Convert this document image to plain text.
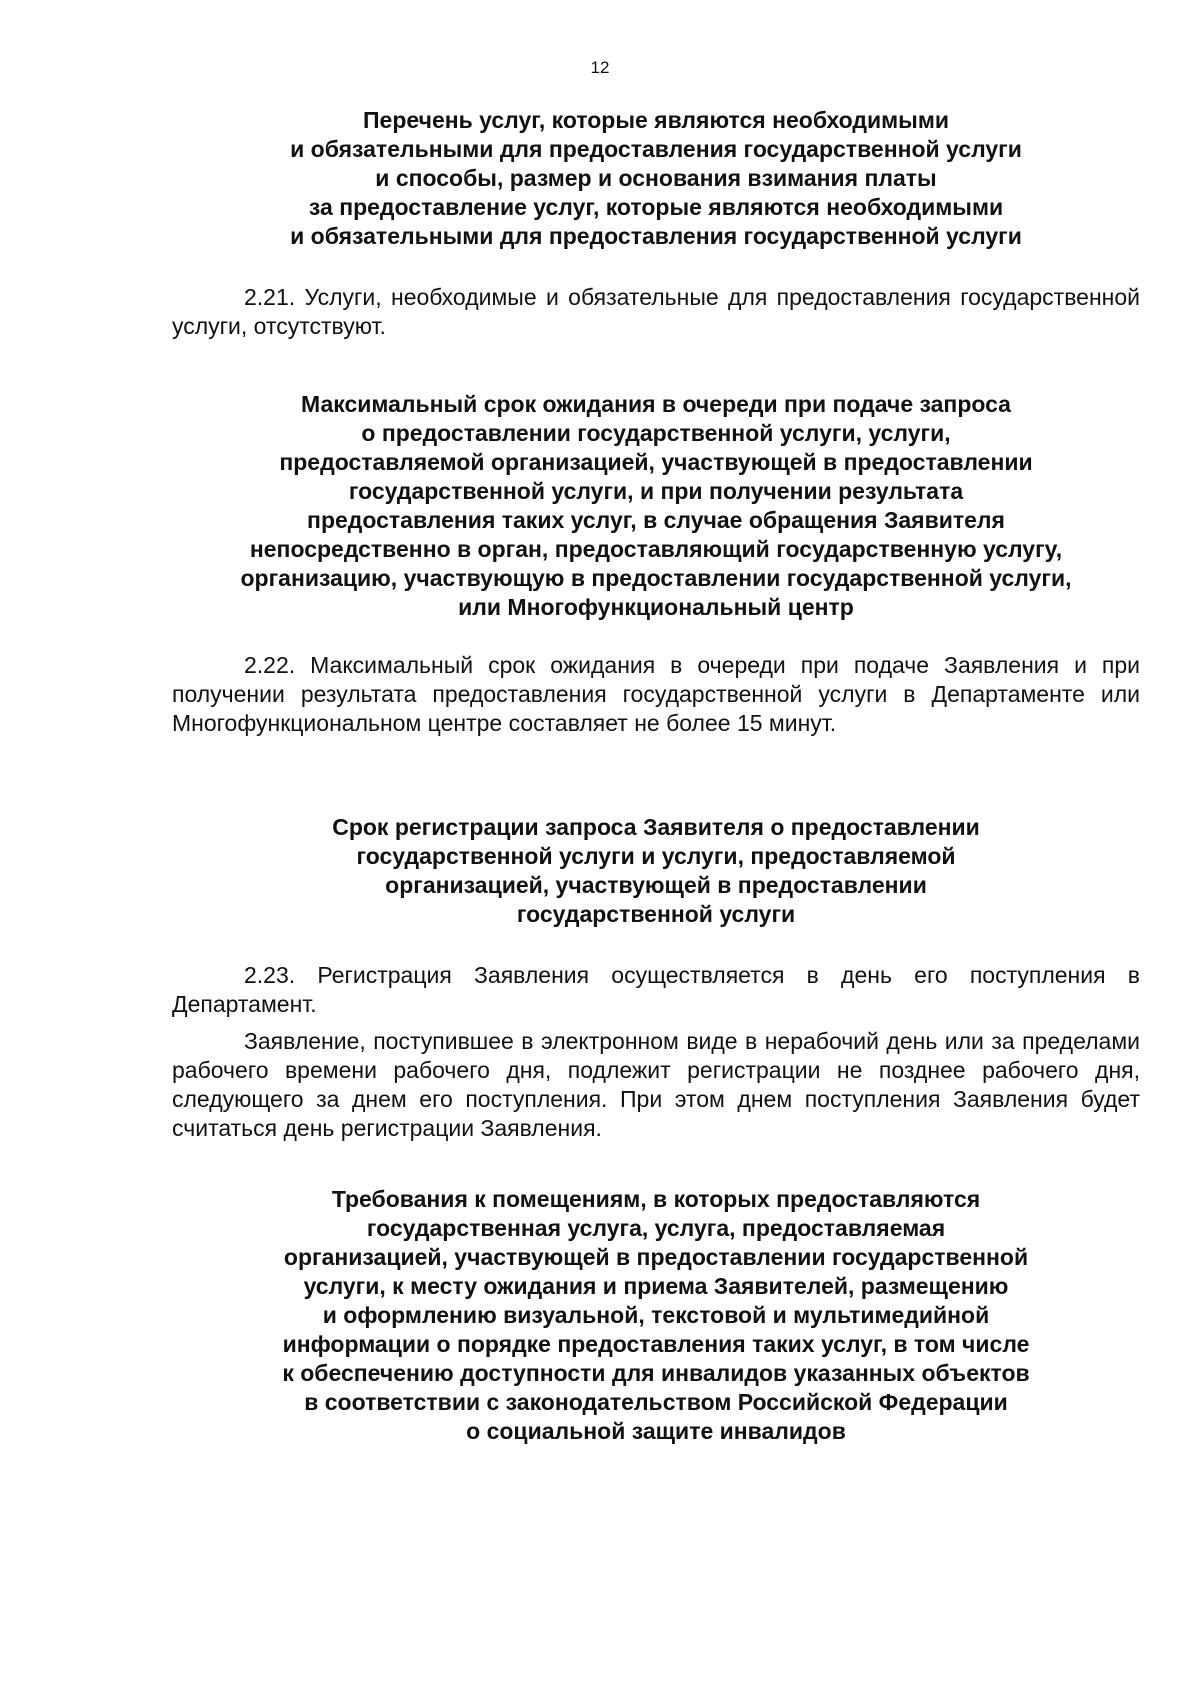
12
Перечень услуг, которые являются необходимыми
и обязательными для предоставления государственной услуги
и способы, размер и основания взимания платы
за предоставление услуг, которые являются необходимыми
и обязательными для предоставления государственной услуги

2.21. Услуги, необходимые и обязательные для предоставления государственной услуги, отсутствуют.

Максимальный срок ожидания в очереди при подаче запроса
о предоставлении государственной услуги, услуги,
предоставляемой организацией, участвующей в предоставлении
государственной услуги, и при получении результата
предоставления таких услуг, в случае обращения Заявителя
непосредственно в орган, предоставляющий государственную услугу,
организацию, участвующую в предоставлении государственной услуги,
или Многофункциональный центр

2.22. Максимальный срок ожидания в очереди при подаче Заявления и при получении результата предоставления государственной услуги в Департаменте или Многофункциональном центре составляет не более 15 минут.

Срок регистрации запроса Заявителя о предоставлении
государственной услуги и услуги, предоставляемой
организацией, участвующей в предоставлении
государственной услуги

2.23. Регистрация Заявления осуществляется в день его поступления в Департамент.

Заявление, поступившее в электронном виде в нерабочий день или за пределами рабочего времени рабочего дня, подлежит регистрации не позднее рабочего дня, следующего за днем его поступления. При этом днем поступления Заявления будет считаться день регистрации Заявления.

Требования к помещениям, в которых предоставляются
государственная услуга, услуга, предоставляемая
организацией, участвующей в предоставлении государственной
услуги, к месту ожидания и приема Заявителей, размещению
и оформлению визуальной, текстовой и мультимедийной
информации о порядке предоставления таких услуг, в том числе
к обеспечению доступности для инвалидов указанных объектов
в соответствии с законодательством Российской Федерации
о социальной защите инвалидов
